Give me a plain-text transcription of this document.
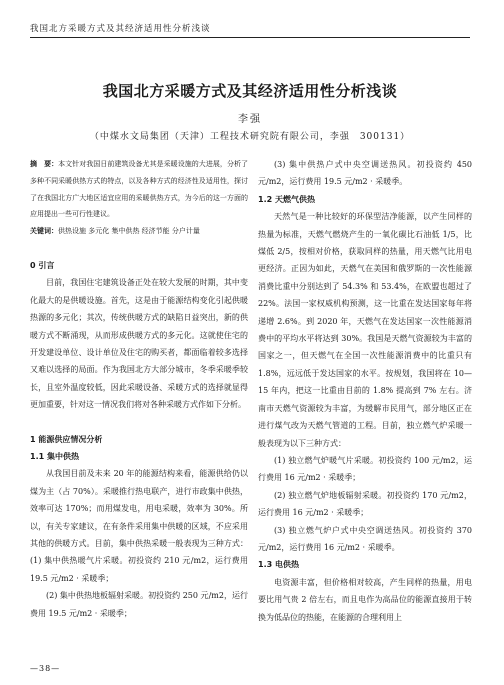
我国北方采暖方式及其经济适用性分析浅谈
我国北方采暖方式及其经济适用性分析浅谈
李强
（中煤水文局集团（天津）工程技术研究院有限公司，李强　300131）

摘　要：本文针对我国日前建筑设备尤其是采暖设施的大进展，分析了多种不同采暖供热方式的特点，以及各种方式的经济性及适用性，探讨了在我国北方广大地区适宜应用的采暖供热方式，为今后的这一方面的应用提出一些可行性建议。

关键词：供热设施 多元化 集中供热 经济节能 分户计量

0 引言

目前，我国住宅建筑设备正处在较大发展的时期，其中变化最大的是供暖设施。首先，这是由于能源结构变化引起供暖热源的多元化；其次，传统供暖方式的缺陷日益突出，新的供暖方式不断涌现，从而形成供暖方式的多元化。这就使住宅的开发建设单位、设计单位及住宅的购买者，都面临着较多选择又难以选择的局面。作为我国北方大部分城市，冬季采暖季较长，且室外温度较低，因此采暖设备、采暖方式的选择就显得更加重要，针对这一情况我们将对各种采暖方式作如下分析。

1 能源供应情况分析

1.1 集中供热

从我国目前及未来 20 年的能源结构来看，能源供给仍以煤为主（占 70%）。采暖推行热电联产，进行市政集中供热，效率可达 170%；而用煤发电，用电采暖，效率为 30%。所以，有关专家建议，在有条件采用集中供暖的区域，不应采用其他的供暖方式。目前，集中供热采暖一般表现为三种方式：(1) 集中供热暖气片采暖。初投资约 210 元/m2，运行费用 19.5 元/m2 · 采暖季；

(2) 集中供热地板辐射采暖。初投资约 250 元/m2，运行费用 19.5 元/m2 · 采暖季；

(3) 集中供热户式中央空调送热风。初投资约 450 元/m2，运行费用 19.5 元/m2 · 采暖季。

1.2 天燃气供热

天然气是一种比较好的环保型洁净能源，以产生同样的热量为标准，天燃气燃烧产生的一氧化碳比石油低 1/5，比煤低 2/5，按相对价格，获取同样的热量，用天燃气比用电更经济。正因为如此，天燃气在美国和俄罗斯的一次性能源消费比重中分别达到了 54.3% 和 53.4%，在欧盟也超过了 22%。法国一家权威机构预测，这一比重在发达国家每年将递增 2.6%。到 2020 年，天燃气在发达国家一次性能源消费中的平均水平将达到 30%。我国是天燃气资源较为丰富的国家之一，但天燃气在全国一次性能源消费中的比重只有 1.8%，远远低于发达国家的水平。按规划，我国将在 10—15 年内，把这一比重由目前的 1.8% 提高到 7% 左右。济南市天燃气资源较为丰富，为缓解市民用气，部分地区正在进行煤气改为天燃气管道的工程。目前，独立燃气炉采暖一般表现为以下三种方式：

(1) 独立燃气炉暖气片采暖。初投资约 100 元/m2，运行费用 16 元/m2 · 采暖季；

(2) 独立燃气炉地板辐射采暖。初投资约 170 元/m2，运行费用 16 元/m2 · 采暖季；

(3) 独立燃气炉户式中央空调送热风。初投资约 370 元/m2，运行费用 16 元/m2 · 采暖季。

1.3 电供热

电资源丰富，但价格相对较高，产生同样的热量，用电要比用气贵 2 倍左右，而且电作为高品位的能源直接用于转换为低品位的热能，在能源的合理利用上

—38—
